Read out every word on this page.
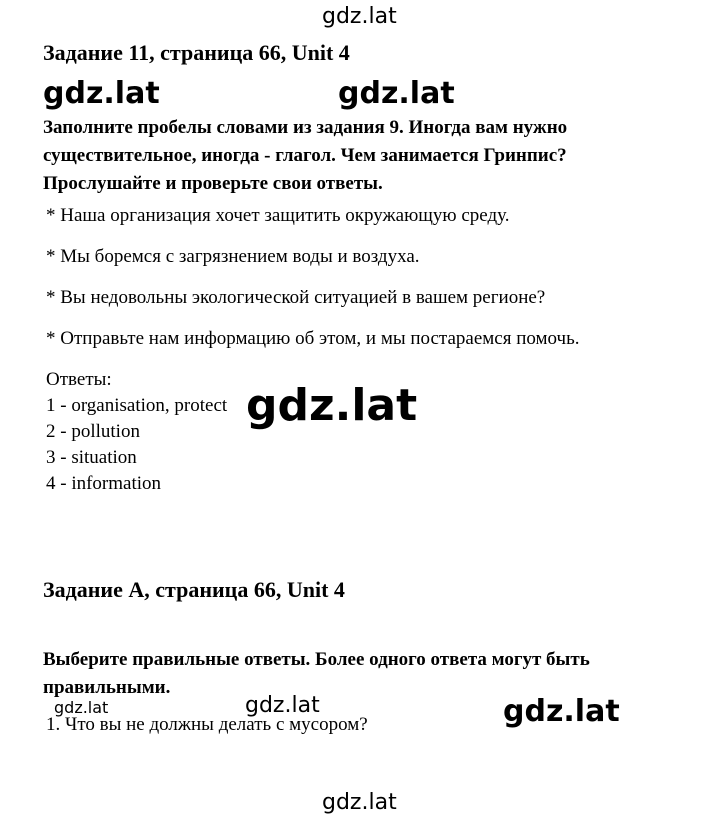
gdz.lat
gdz.lat	gdz.lat
gdz.lat
gdz.lat	gdz.lat	gdz.lat
gdz.lat
Задание 11, страница 66, Unit 4
Заполните пробелы словами из задания 9. Иногда вам нужно
существительное, иногда - глагол. Чем занимается Гринпис?
Прослушайте и проверьте свои ответы.
* Наша организация хочет защитить окружающую среду.
* Мы боремся с загрязнением воды и воздуха.
* Вы недовольны экологической ситуацией в вашем регионе?
* Отправьте нам информацию об этом, и мы постараемся помочь.
Ответы:
1 - organisation, protect
2 - pollution
3 - situation
4 - information
Задание A, страница 66, Unit 4
Выберите правильные ответы. Более одного ответа могут быть
правильными.
1. Что вы не должны делать с мусором?
